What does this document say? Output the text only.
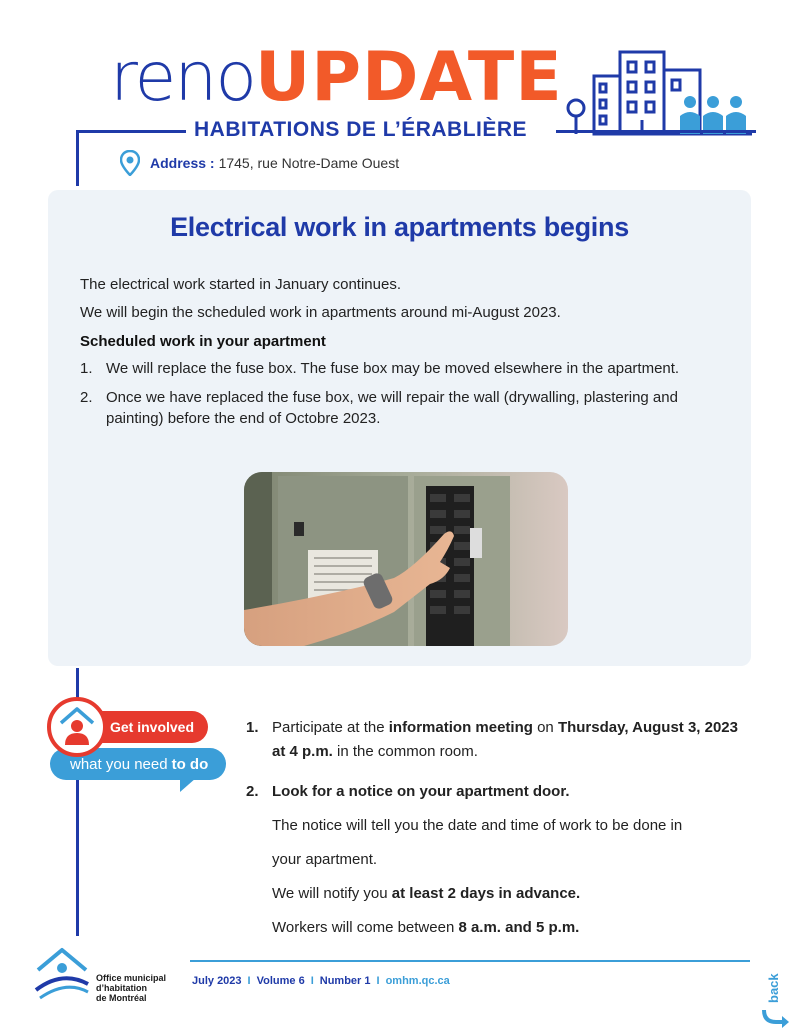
renoUPDATE
HABITATIONS DE L’ÉRABLIÈRE
Address : 1745, rue Notre-Dame Ouest
Electrical work in apartments begins

The electrical work started in January continues.

We will begin the scheduled work in apartments around mi-August 2023.

Scheduled work in your apartment

1. We will replace the fuse box. The fuse box may be moved elsewhere in the apartment.
2. Once we have replaced the fuse box, we will repair the wall (drywalling, plastering and painting) before the end of Octobre 2023.
Get involved
what you need to do
1. Participate at the information meeting on Thursday, August 3, 2023 at 4 p.m. in the common room.
2. Look for a notice on your apartment door.
The notice will tell you the date and time of work to be done in
your apartment.
We will notify you at least 2 days in advance.
Workers will come between 8 a.m. and 5 p.m.
Office municipal
d’habitation
de Montréal
July 2023 I Volume 6 I Number 1 I omhm.qc.ca	back
